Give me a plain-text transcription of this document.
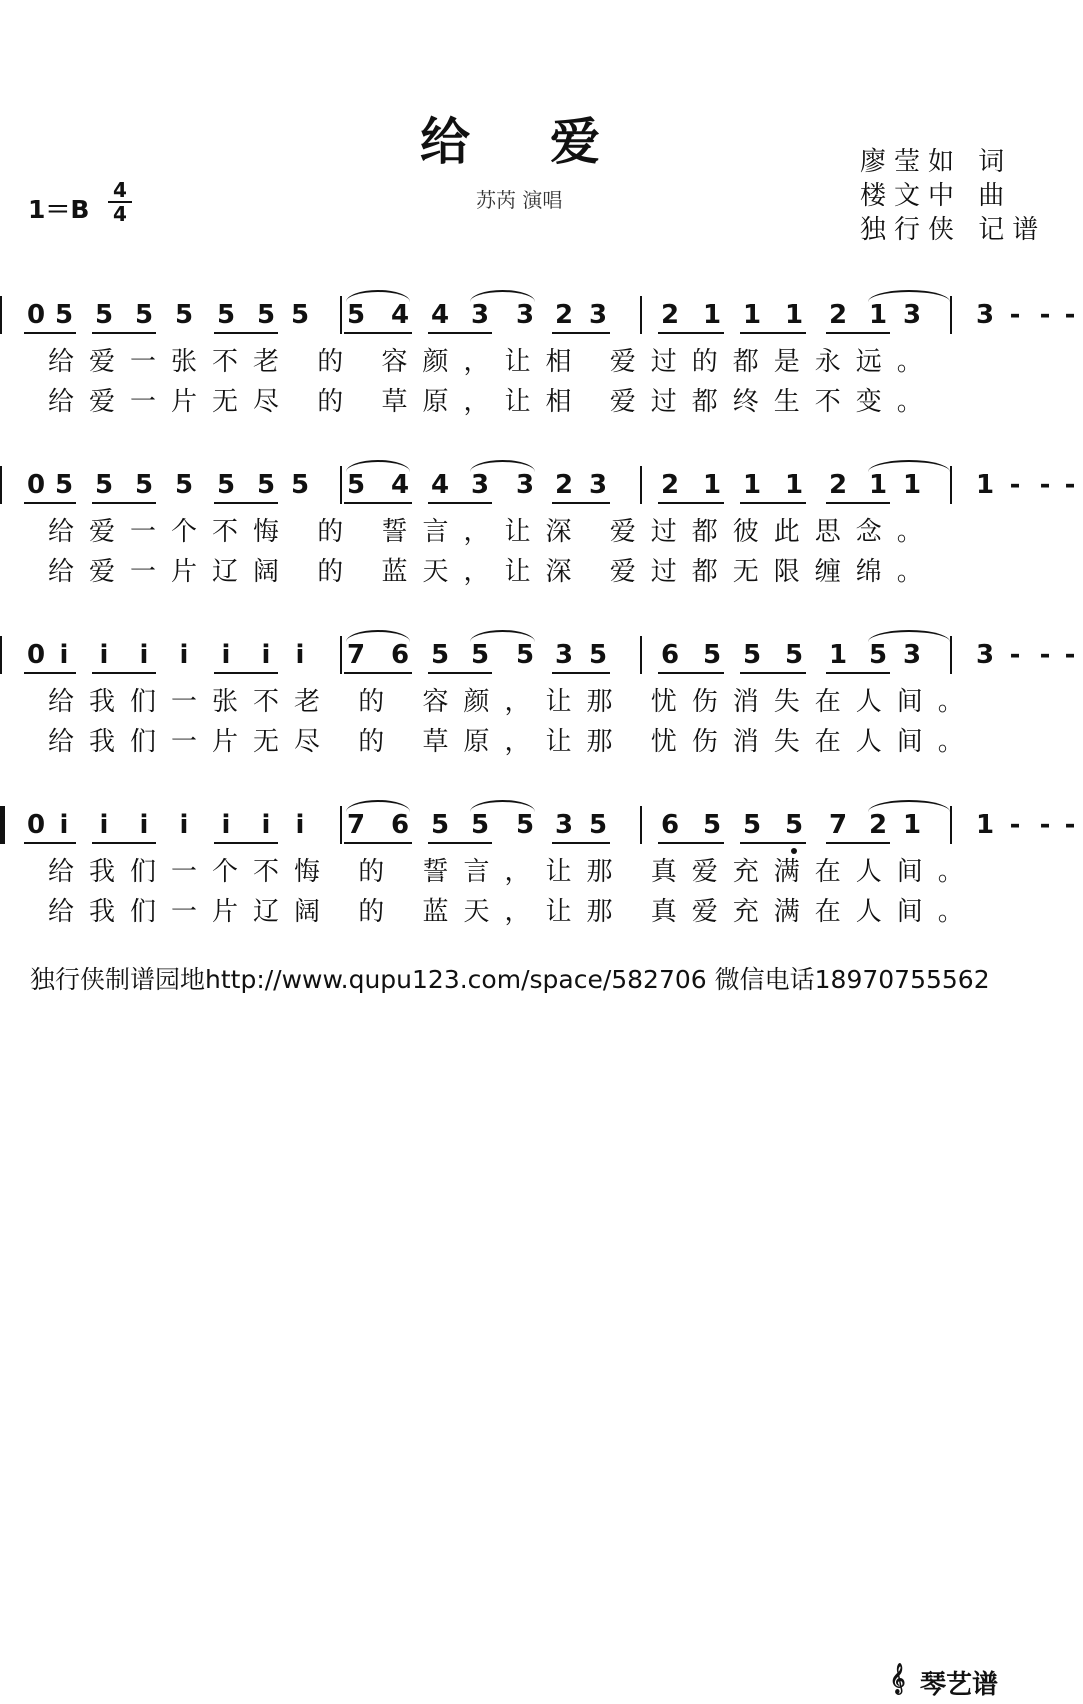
给爱
苏芮 演唱
1＝B
4
4
廖莹如 词
楼文中 曲
独行侠 记谱
0 5 5 5 5 5 5 5 5 4 4 3 3 2 3 2 1 1 1 2 1 3 3 - - -
给爱一张不老 的 容颜，让相 爱过的都是永远。
给爱一片无尽 的 草原，让相 爱过都终生不变。
0 5 5 5 5 5 5 5 5 4 4 3 3 2 3 2 1 1 1 2 1 1 1 - - -
给爱一个不悔 的 誓言，让深 爱过都彼此思念。
给爱一片辽阔 的 蓝天，让深 爱过都无限缠绵。
0 i	i	i	i	i	i i	7 6 5 5 5 3 5 6 5 5 5 1 5 3 3 - - -
给我们一张不老 的 容颜，让那 忧伤消失在人间。
给我们一片无尽 的 草原，让那 忧伤消失在人间。
0 i	i	i	i	i	i i	7 6 5 5 5 3 5 6 5 5 5 7 2 1 1 - - -
给我们一个不悔 的 誓言，让那 真爱充满在人间。
给我们一片辽阔 的 蓝天，让那 真爱充满在人间。
独行侠制谱园地http://www.qupu123.com/space/582706 微信电话18970755562
𝄞 琴艺谱
